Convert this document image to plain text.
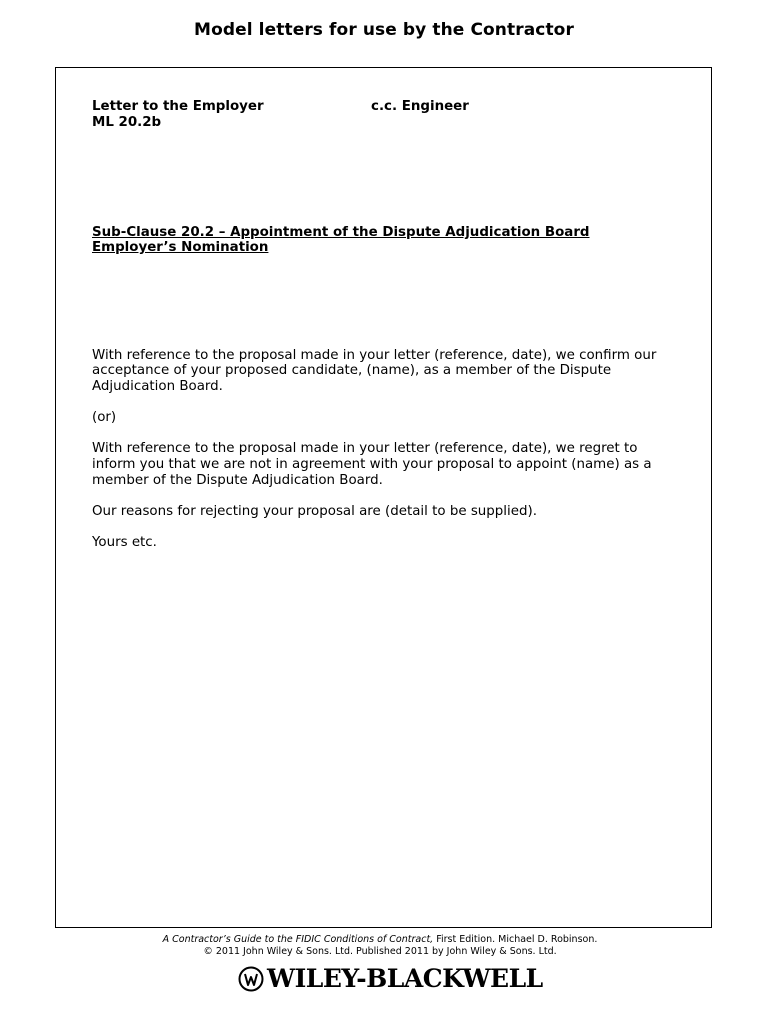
Model letters for use by the Contractor
Letter to the Employer	c.c. Engineer
ML 20.2b
Sub-Clause 20.2 – Appointment of the Dispute Adjudication Board
Employer’s Nomination

With reference to the proposal made in your letter (reference, date), we confirm our acceptance of your proposed candidate, (name), as a member of the Dispute Adjudication Board.

(or)

With reference to the proposal made in your letter (reference, date), we regret to inform you that we are not in agreement with your proposal to appoint (name) as a member of the Dispute Adjudication Board.

Our reasons for rejecting your proposal are (detail to be supplied).

Yours etc.

A Contractor’s Guide to the FIDIC Conditions of Contract, First Edition. Michael D. Robinson.
© 2011 John Wiley & Sons. Ltd. Published 2011 by John Wiley & Sons. Ltd.
WILEY-BLACKWELL
